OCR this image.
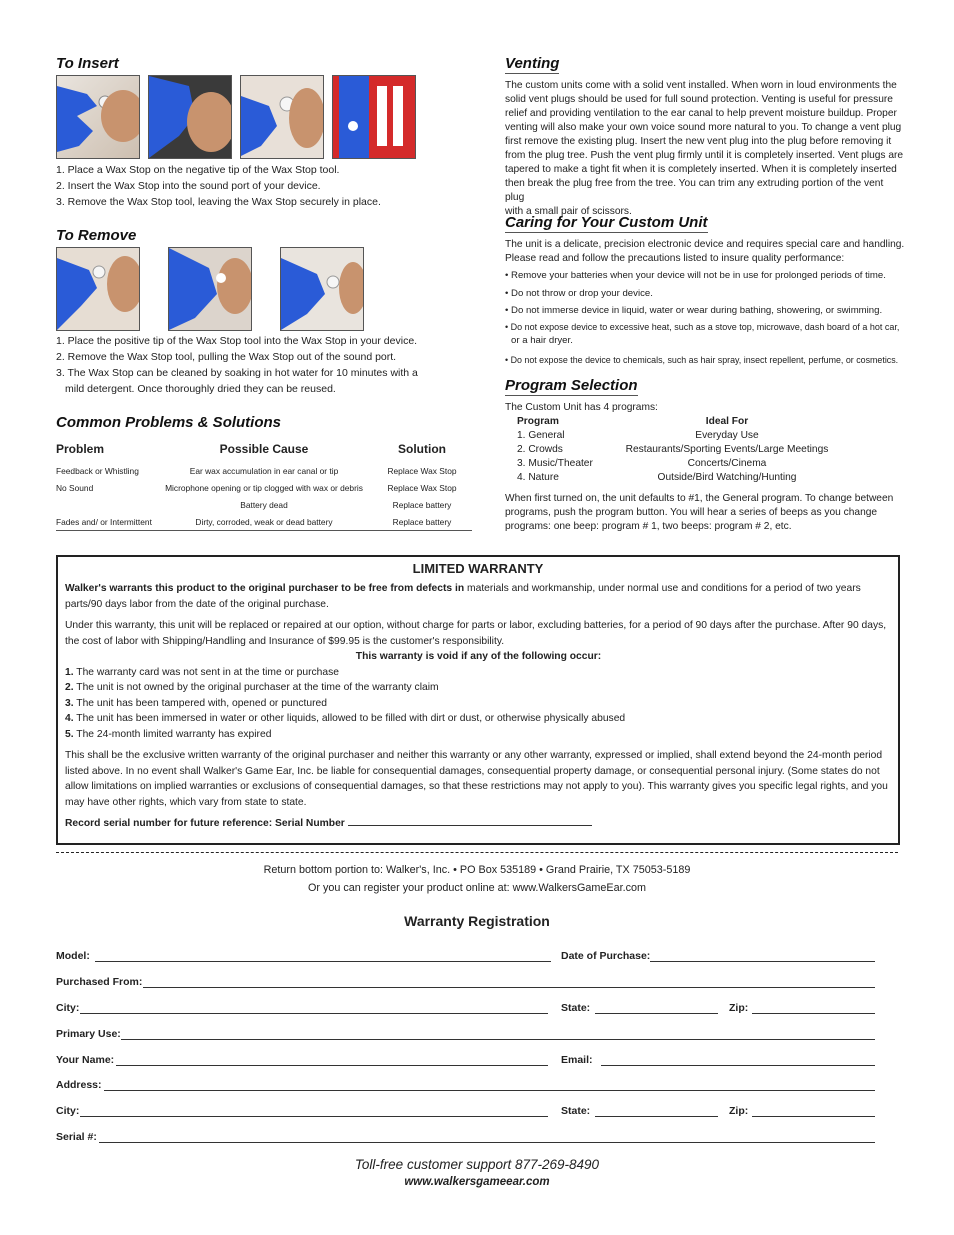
To Insert
1. Place a Wax Stop on the negative tip of the Wax Stop tool.
2. Insert the Wax Stop into the sound port of your device.
3. Remove the Wax Stop tool, leaving the Wax Stop securely in place.
To Remove
1. Place the positive tip of the Wax Stop tool into the Wax Stop in your device.
2. Remove the Wax Stop tool, pulling the Wax Stop out of the sound port.
3. The Wax Stop can be cleaned by soaking in hot water for 10 minutes with a
mild detergent. Once thoroughly dried they can be reused.
Common Problems & Solutions
Problem	Possible Cause	Solution
Feedback or Whistling	Ear wax accumulation in ear canal or tip	Replace Wax Stop
No Sound	Microphone opening or tip clogged with wax or debris	Replace Wax Stop
	Battery dead	Replace battery
Fades and/ or Intermittent	Dirty, corroded, weak or dead battery	Replace battery
Venting
The custom units come with a solid vent installed. When worn in loud environments the
solid vent plugs should be used for full sound protection. Venting is useful for pressure
relief and providing ventilation to the ear canal to help prevent moisture buildup. Proper
venting will also make your own voice sound more natural to you. To change a vent plug
first remove the existing plug. Insert the new vent plug into the plug before removing it
from the plug tree. Push the vent plug firmly until it is completely inserted. Vent plugs are
tapered to make a tight fit when it is completely inserted. When it is completely inserted
then break the plug free from the tree. You can trim any extruding portion of the vent plug
with a small pair of scissors.
Caring for Your Custom Unit
The unit is a delicate, precision electronic device and requires special care and handling.
Please read and follow the precautions listed to insure quality performance:
• Remove your batteries when your device will not be in use for prolonged periods of time.
• Do not throw or drop your device.
• Do not immerse device in liquid, water or wear during bathing, showering, or swimming.
• Do not expose device to excessive heat, such as a stove top, microwave, dash board of a hot car,
or a hair dryer.
• Do not expose the device to chemicals, such as hair spray, insect repellent, perfume, or cosmetics.
Program Selection
The Custom Unit has 4 programs:
Program	Ideal For
1. General	Everyday Use
2. Crowds	Restaurants/Sporting Events/Large Meetings
3. Music/Theater	Concerts/Cinema
4. Nature	Outside/Bird Watching/Hunting
When first turned on, the unit defaults to #1, the General program. To change between
programs, push the program button. You will hear a series of beeps as you change
programs: one beep: program # 1, two beeps: program # 2, etc.
LIMITED WARRANTY

Walker's warrants this product to the original purchaser to be free from defects in materials and workmanship, under normal use and conditions for a period of two years parts/90 days labor from the date of the original purchase.

Under this warranty, this unit will be replaced or repaired at our option, without charge for parts or labor, excluding batteries, for a period of 90 days after the purchase. After 90 days, the cost of labor with Shipping/Handling and Insurance of $99.95 is the customer's responsibility.

This warranty is void if any of the following occur:

1. The warranty card was not sent in at the time or purchase

2. The unit is not owned by the original purchaser at the time of the warranty claim

3. The unit has been tampered with, opened or punctured

4. The unit has been immersed in water or other liquids, allowed to be filled with dirt or dust, or otherwise physically abused

5. The 24-month limited warranty has expired

This shall be the exclusive written warranty of the original purchaser and neither this warranty or any other warranty, expressed or implied, shall extend beyond the 24-month period listed above. In no event shall Walker's Game Ear, Inc. be liable for consequential damages, consequential property damage, or consequential personal injury. (Some states do not allow limitations on implied warranties or exclusions of consequential damages, so that these restrictions may not apply to you). This warranty gives you specific legal rights, and you may have other rights, which vary from state to state.

Record serial number for future reference: Serial Number

Return bottom portion to: Walker's, Inc. • PO Box 535189 • Grand Prairie, TX 75053-5189
Or you can register your product online at: www.WalkersGameEar.com
Warranty Registration
Model:	Date of Purchase:
Purchased From:
City:	State:	Zip:
Primary Use:
Your Name:	Email:
Address:
City:	State:	Zip:
Serial #:
Toll-free customer support 877-269-8490
www.walkersgameear.com
